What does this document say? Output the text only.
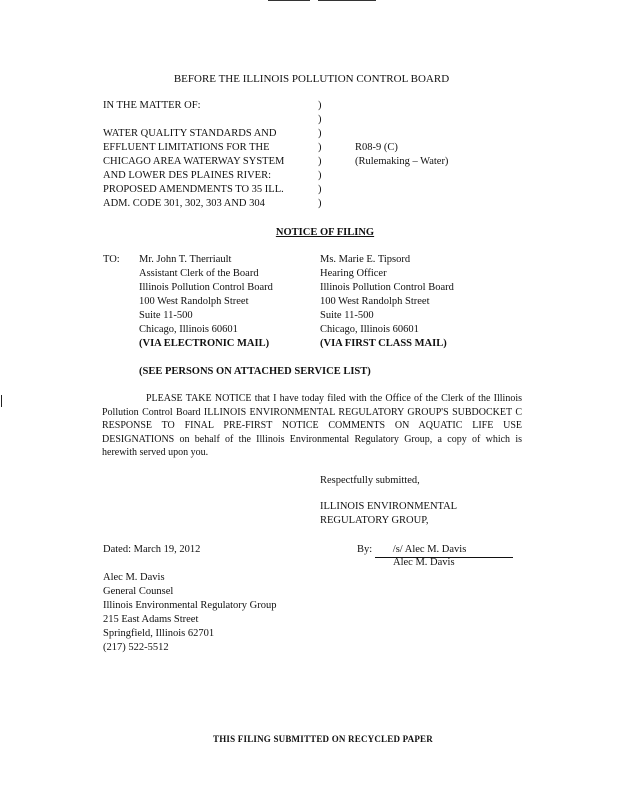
BEFORE THE ILLINOIS POLLUTION CONTROL BOARD
IN THE MATTER OF:
WATER QUALITY STANDARDS AND
EFFLUENT LIMITATIONS FOR THE
CHICAGO AREA WATERWAY SYSTEM
AND LOWER DES PLAINES RIVER:
PROPOSED AMENDMENTS TO 35 ILL.
ADM. CODE 301, 302, 303 AND 304
)
)
)
)
)
)
)
)
R08-9 (C)
(Rulemaking – Water)
NOTICE OF FILING
TO: Mr. John T. Therriault
Assistant Clerk of the Board
Illinois Pollution Control Board
100 West Randolph Street
Suite 11-500
Chicago, Illinois 60601
(VIA ELECTRONIC MAIL)
Ms. Marie E. Tipsord
Hearing Officer
Illinois Pollution Control Board
100 West Randolph Street
Suite 11-500
Chicago, Illinois 60601
(VIA FIRST CLASS MAIL)
(SEE PERSONS ON ATTACHED SERVICE LIST)
PLEASE TAKE NOTICE that I have today filed with the Office of the Clerk of the Illinois Pollution Control Board ILLINOIS ENVIRONMENTAL REGULATORY GROUP'S SUBDOCKET C RESPONSE TO FINAL PRE-FIRST NOTICE COMMENTS ON AQUATIC LIFE USE DESIGNATIONS on behalf of the Illinois Environmental Regulatory Group, a copy of which is herewith served upon you.
Respectfully submitted,
ILLINOIS ENVIRONMENTAL
REGULATORY GROUP,
Dated: March 19, 2012	By: /s/ Alec M. Davis
Alec M. Davis
Alec M. Davis
General Counsel
Illinois Environmental Regulatory Group
215 East Adams Street
Springfield, Illinois 62701
(217) 522-5512
THIS FILING SUBMITTED ON RECYCLED PAPER
